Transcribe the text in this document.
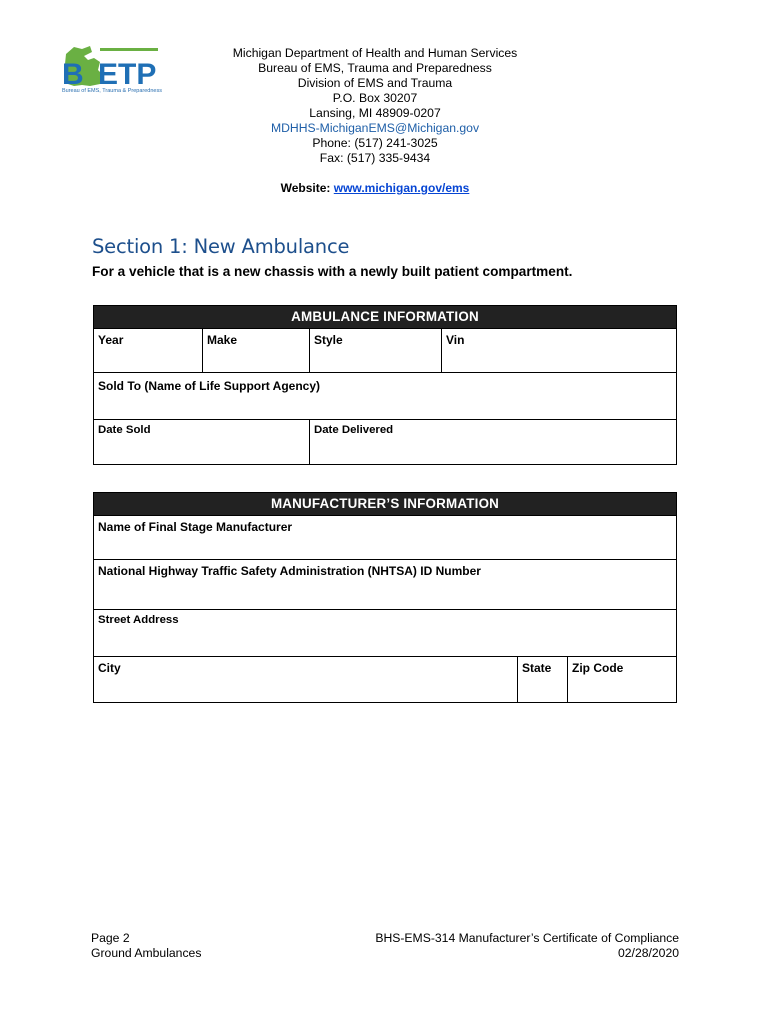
B ETP
Bureau of EMS, Trauma & Preparedness
Michigan Department of Health and Human Services
Bureau of EMS, Trauma and Preparedness
Division of EMS and Trauma
P.O. Box 30207
Lansing, MI 48909-0207
MDHHS-MichiganEMS@Michigan.gov
Phone: (517) 241-3025
Fax: (517) 335-9434
Website: www.michigan.gov/ems
Section 1: New Ambulance
For a vehicle that is a new chassis with a newly built patient compartment.
AMBULANCE INFORMATION
Year	Make	Style	Vin
Sold To (Name of Life Support Agency)
Date Sold	Date Delivered
MANUFACTURER’S INFORMATION
Name of Final Stage Manufacturer
National Highway Traffic Safety Administration (NHTSA) ID Number
Street Address
City	State	Zip Code
Page 2
Ground Ambulances
BHS-EMS-314 Manufacturer’s Certificate of Compliance
02/28/2020
